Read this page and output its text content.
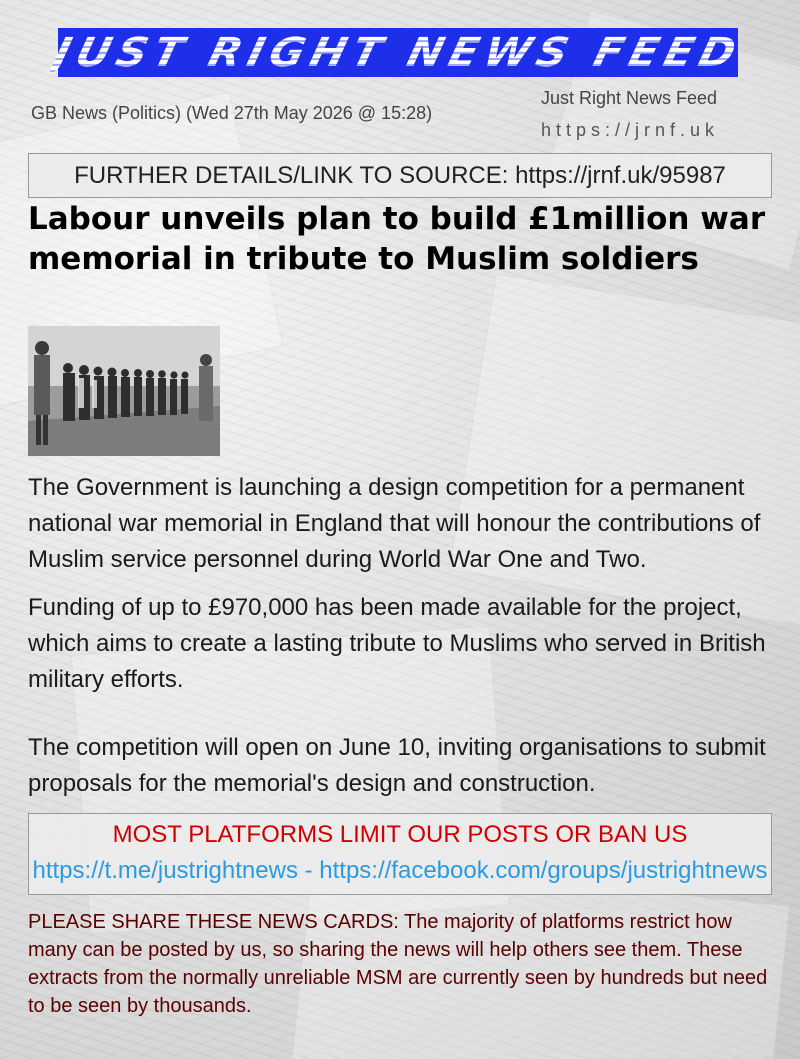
JUST RIGHT NEWS FEED
GB News (Politics) (Wed 27th May 2026 @ 15:28)
Just Right News Feed
https://jrnf.uk
FURTHER DETAILS/LINK TO SOURCE: https://jrnf.uk/95987
Labour unveils plan to build £1million war memorial in tribute to Muslim soldiers

The Government is launching a design competition for a permanent national war memorial in England that will honour the contributions of Muslim service personnel during World War One and Two.

Funding of up to £970,000 has been made available for the project, which aims to create a lasting tribute to Muslims who served in British military efforts.

The competition will open on June 10, inviting organisations to submit proposals for the memorial's design and construction.

MOST PLATFORMS LIMIT OUR POSTS OR BAN US
https://t.me/justrightnews - https://facebook.com/groups/justrightnews
PLEASE SHARE THESE NEWS CARDS: The majority of platforms restrict how many can be posted by us, so sharing the news will help others see them. These extracts from the normally unreliable MSM are currently seen by hundreds but need to be seen by thousands.
